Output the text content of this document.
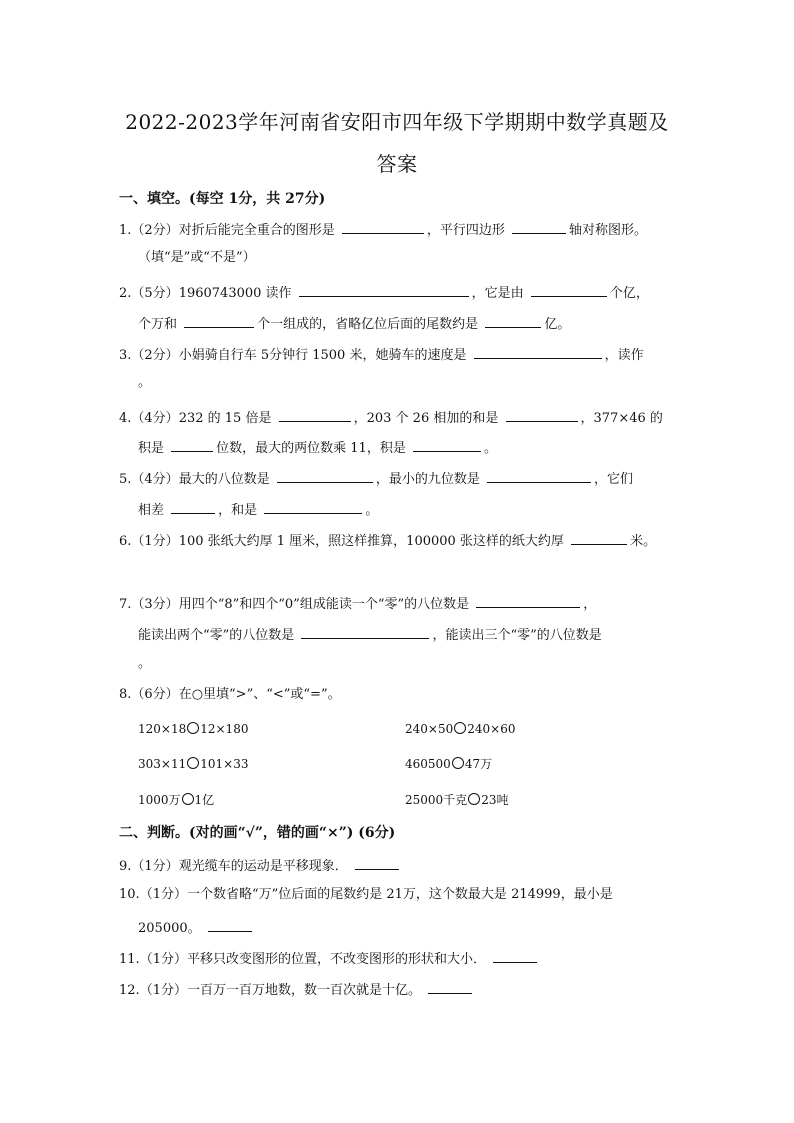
2022-2023学年河南省安阳市四年级下学期期中数学真题及
答案
一、填空。(每空 1分，共 27分)
1.（2分）对折后能完全重合的图形是	，平行四边形	轴对称图形。
（填“是”或“不是”）
2.（5分）1960743000 读作	，它是由	个亿，
个万和	个一组成的，省略亿位后面的尾数约是	亿。
3.（2分）小娟骑自行车 5分钟行 1500 米，她骑车的速度是	，读作
。
4.（4分）232 的 15 倍是	，203 个 26 相加的和是	，377×46 的
积是	位数，最大的两位数乘 11，积是	。
5.（4分）最大的八位数是	，最小的九位数是	，它们
相差	，和是	。
6.（1分）100 张纸大约厚 1 厘米，照这样推算，100000 张这样的纸大约厚	米。
7.（3分）用四个“8”和四个“0”组成能读一个“零”的八位数是	，
能读出两个“零”的八位数是	，能读出三个“零”的八位数是
。
8.（6分）在○里填“>”、“<”或“=”。
120×18 12×180	240×50 240×60
303×11 101×33	460500 47万
1000万 1亿	25000千克 23吨
二、判断。(对的画“√”，错的画“×”) (6分)
9.（1分）观光缆车的运动是平移现象．
10.（1分）一个数省略“万”位后面的尾数约是 21万，这个数最大是 214999，最小是
205000。
11.（1分）平移只改变图形的位置，不改变图形的形状和大小．
12.（1分）一百万一百万地数，数一百次就是十亿。
